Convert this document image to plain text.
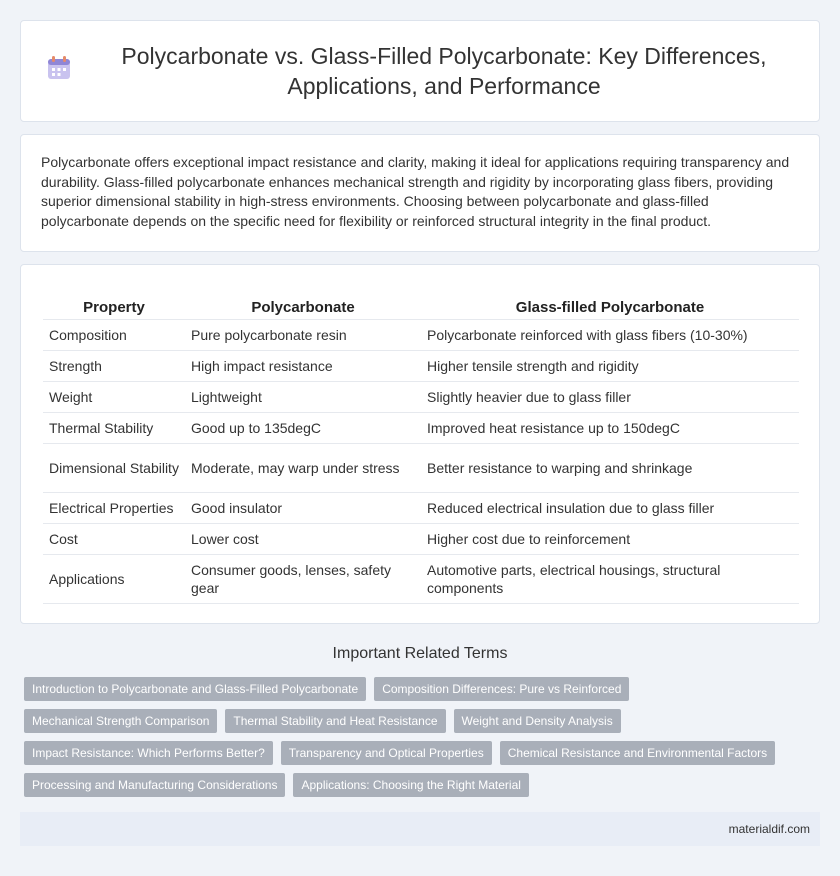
Polycarbonate vs. Glass-Filled Polycarbonate: Key Differences, Applications, and Performance

Polycarbonate offers exceptional impact resistance and clarity, making it ideal for applications requiring transparency and durability. Glass-filled polycarbonate enhances mechanical strength and rigidity by incorporating glass fibers, providing superior dimensional stability in high-stress environments. Choosing between polycarbonate and glass-filled polycarbonate depends on the specific need for flexibility or reinforced structural integrity in the final product.

Property	Polycarbonate	Glass-filled Polycarbonate
Composition	Pure polycarbonate resin	Polycarbonate reinforced with glass fibers (10-30%)
Strength	High impact resistance	Higher tensile strength and rigidity
Weight	Lightweight	Slightly heavier due to glass filler
Thermal Stability	Good up to 135degC	Improved heat resistance up to 150degC
Dimensional Stability	Moderate, may warp under stress	Better resistance to warping and shrinkage
Electrical Properties	Good insulator	Reduced electrical insulation due to glass filler
Cost	Lower cost	Higher cost due to reinforcement
Applications	Consumer goods, lenses, safety gear	Automotive parts, electrical housings, structural components
Important Related Terms
Introduction to Polycarbonate and Glass-Filled Polycarbonate	Composition Differences: Pure vs Reinforced
Mechanical Strength Comparison	Thermal Stability and Heat Resistance	Weight and Density Analysis
Impact Resistance: Which Performs Better?	Transparency and Optical Properties	Chemical Resistance and Environmental Factors
Processing and Manufacturing Considerations	Applications: Choosing the Right Material
materialdif.com
